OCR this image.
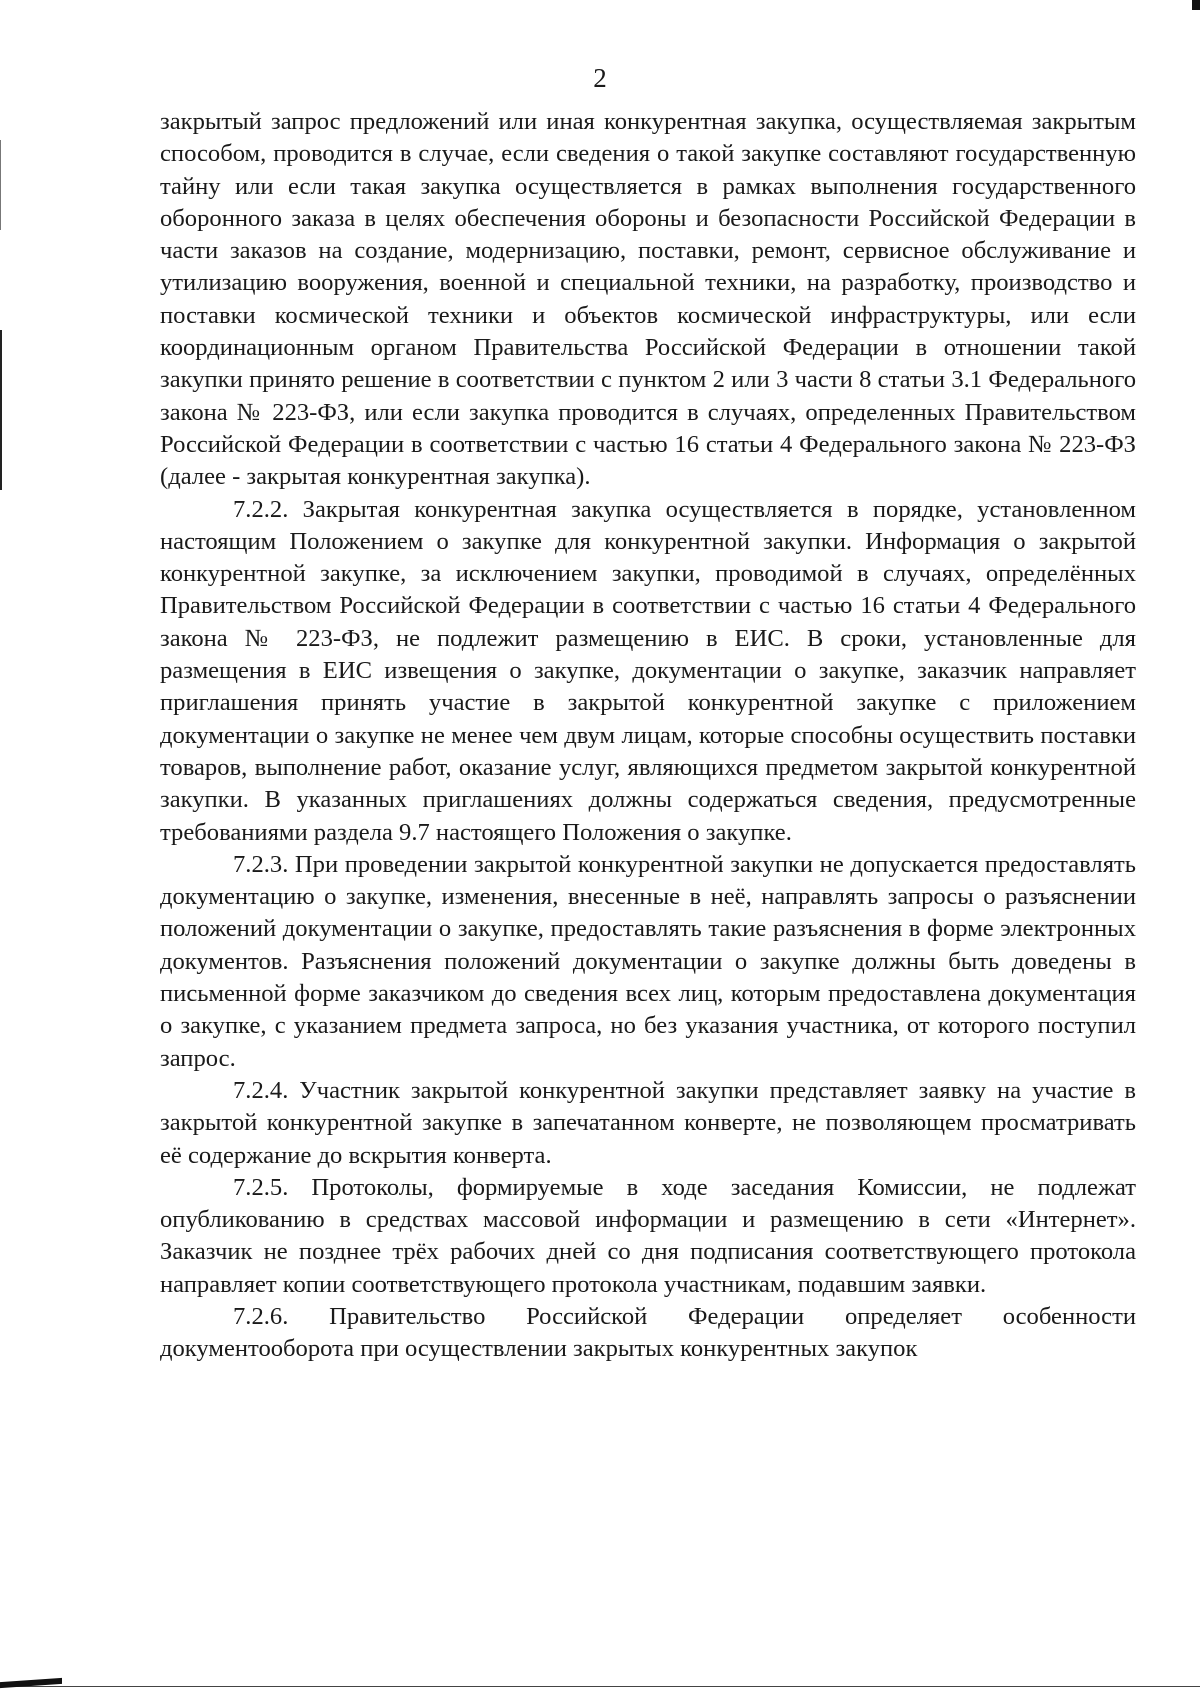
2

закрытый запрос предложений или иная конкурентная закупка, осуществляемая закрытым способом, проводится в случае, если сведения о такой закупке составляют государственную тайну или если такая закупка осуществляется в рамках выполнения государственного оборонного заказа в целях обеспечения обороны и безопасности Российской Федерации в части заказов на создание, модернизацию, поставки, ремонт, сервисное обслуживание и утилизацию вооружения, военной и специальной техники, на разработку, производство и поставки космической техники и объектов космической инфраструктуры, или если координационным органом Правительства Российской Федерации в отношении такой закупки принято решение в соответствии с пунктом 2 или 3 части 8 статьи 3.1 Федерального закона № 223-ФЗ, или если закупка проводится в случаях, определенных Правительством Российской Федерации в соответствии с частью 16 статьи 4 Федерального закона № 223-ФЗ (далее - закрытая конкурентная закупка).

7.2.2. Закрытая конкурентная закупка осуществляется в порядке, установленном настоящим Положением о закупке для конкурентной закупки. Информация о закрытой конкурентной закупке, за исключением закупки, проводимой в случаях, определённых Правительством Российской Федерации в соответствии с частью 16 статьи 4 Федерального закона № 223-ФЗ, не подлежит размещению в ЕИС. В сроки, установленные для размещения в ЕИС извещения о закупке, документации о закупке, заказчик направляет приглашения принять участие в закрытой конкурентной закупке с приложением документации о закупке не менее чем двум лицам, которые способны осуществить поставки товаров, выполнение работ, оказание услуг, являющихся предметом закрытой конкурентной закупки. В указанных приглашениях должны содержаться сведения, предусмотренные требованиями раздела 9.7 настоящего Положения о закупке.

7.2.3. При проведении закрытой конкурентной закупки не допускается предоставлять документацию о закупке, изменения, внесенные в неё, направлять запросы о разъяснении положений документации о закупке, предоставлять такие разъяснения в форме электронных документов. Разъяснения положений документации о закупке должны быть доведены в письменной форме заказчиком до сведения всех лиц, которым предоставлена документация о закупке, с указанием предмета запроса, но без указания участника, от которого поступил запрос.

7.2.4. Участник закрытой конкурентной закупки представляет заявку на участие в закрытой конкурентной закупке в запечатанном конверте, не позволяющем просматривать её содержание до вскрытия конверта.

7.2.5. Протоколы, формируемые в ходе заседания Комиссии, не подлежат опубликованию в средствах массовой информации и размещению в сети «Интернет». Заказчик не позднее трёх рабочих дней со дня подписания соответствующего протокола направляет копии соответствующего протокола участникам, подавшим заявки.

7.2.6. Правительство Российской Федерации определяет особенности документооборота при осуществлении закрытых конкурентных закупок
